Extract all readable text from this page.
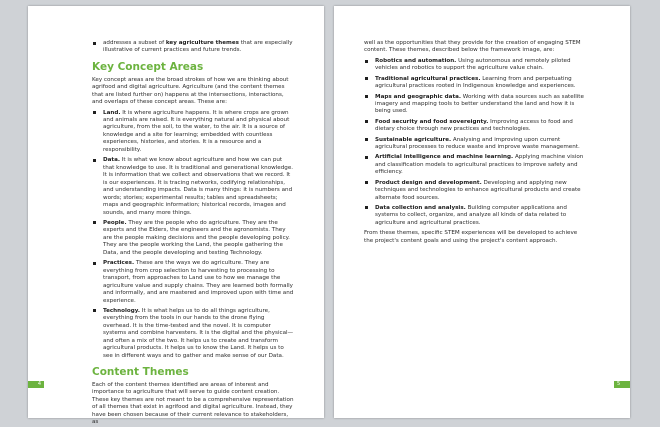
addresses a subset of key agriculture themes that are especially illustrative of current practices and future trends.
Key Concept Areas

Key concept areas are the broad strokes of how we are thinking about agrifood and digital agriculture. Agriculture (and the content themes that are listed further on) happens at the intersections, interactions, and overlaps of these concept areas. These are:

Land. It is where agriculture happens. It is where crops are grown and animals are raised. It is everything natural and physical about agriculture, from the soil, to the water, to the air. It is a source of knowledge and a site for learning; embedded with countless experiences, histories, and stories. It is a resource and a responsibility.
Data. It is what we know about agriculture and how we can put that knowledge to use. It is traditional and generational knowledge. It is information that we collect and observations that we record. It is our experiences. It is tracing networks, codifying relationships, and understanding impacts. Data is many things: it is numbers and words; stories; experimental results; tables and spreadsheets; maps and geographic information; historical records, images and sounds, and many more things.
People. They are the people who do agriculture. They are the experts and the Elders, the engineers and the agronomists. They are the people making decisions and the people developing policy. They are the people working the Land, the people gathering the Data, and the people developing and testing Technology.
Practices. These are the ways we do agriculture. They are everything from crop selection to harvesting to processing to transport, from approaches to Land use to how we manage the agriculture value and supply chains. They are learned both formally and informally, and are mastered and improved upon with time and experience.
Technology. It is what helps us to do all things agriculture, everything from the tools in our hands to the drone flying overhead. It is the time-tested and the novel. It is computer systems and combine harvesters. It is the digital and the physical—and often a mix of the two. It helps us to create and transform agricultural products. It helps us to know the Land. It helps us to see in different ways and to gather and make sense of our Data.
Content Themes

Each of the content themes identified are areas of interest and importance to agriculture that will serve to guide content creation. These key themes are not meant to be a comprehensive representation of all themes that exist in agrifood and digital agriculture. Instead, they have been chosen because of their current relevance to stakeholders, as

4

well as the opportunities that they provide for the creation of engaging STEM content. These themes, described below the framework image, are:

Robotics and automation. Using autonomous and remotely piloted vehicles and robotics to support the agriculture value chain.
Traditional agricultural practices. Learning from and perpetuating agricultural practices rooted in Indigenous knowledge and experiences.
Maps and geographic data. Working with data sources such as satellite imagery and mapping tools to better understand the land and how it is being used.
Food security and food sovereignty. Improving access to food and dietary choice through new practices and technologies.
Sustainable agriculture. Analysing and improving upon current agricultural processes to reduce waste and improve waste management.
Artificial intelligence and machine learning. Applying machine vision and classification models to agricultural practices to improve safety and efficiency.
Product design and development. Developing and applying new techniques and technologies to enhance agricultural products and create alternate food sources.
Data collection and analysis. Building computer applications and systems to collect, organize, and analyze all kinds of data related to agriculture and agricultural practices.

From these themes, specific STEM experiences will be developed to achieve the project's content goals and using the project's content approach.

5
